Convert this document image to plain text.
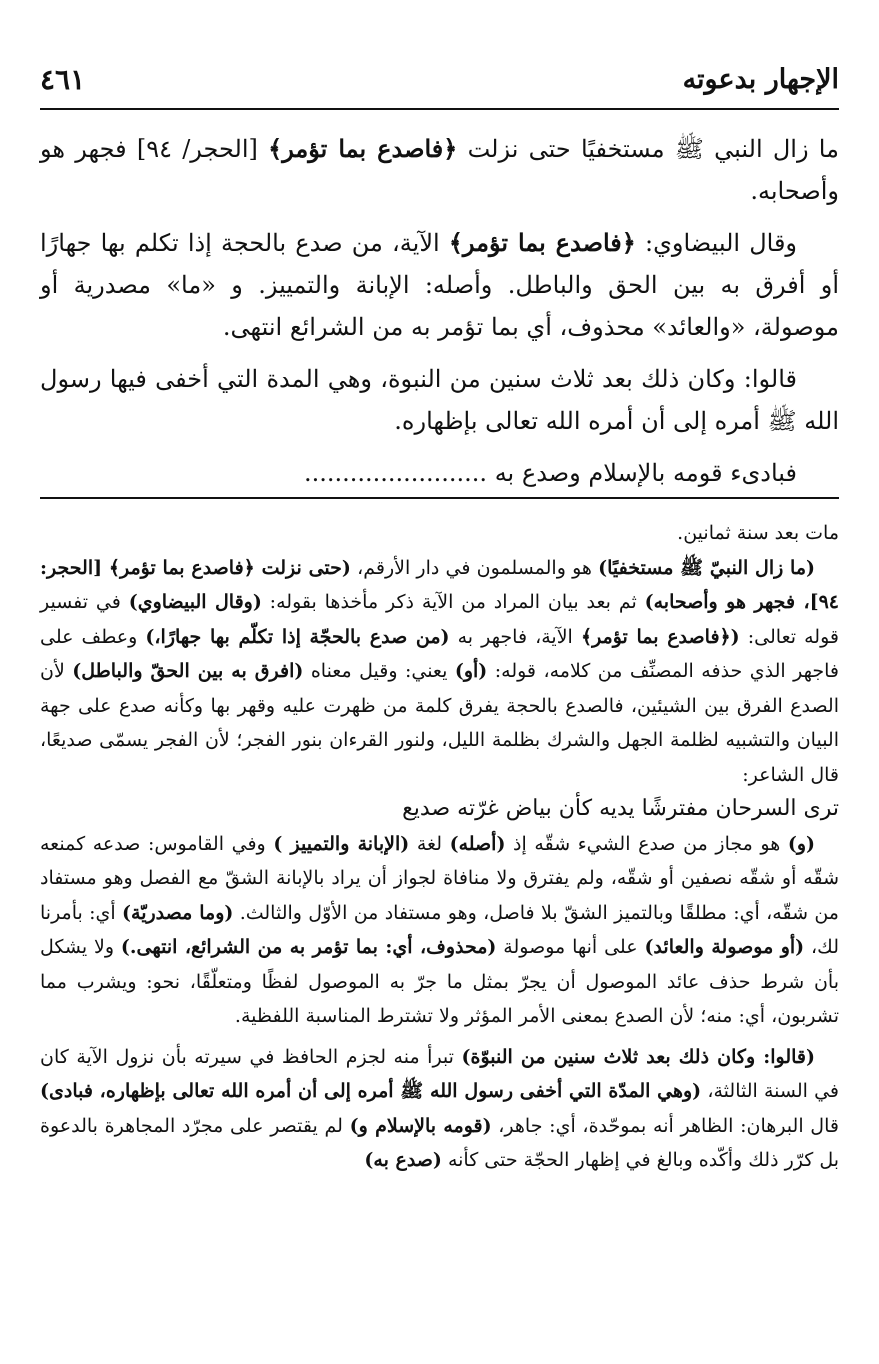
الإجهار بدعوته
٤٦١

ما زال النبي ﷺ مستخفيًا حتى نزلت ﴿فاصدع بما تؤمر﴾ [الحجر/ ٩٤] فجهر هو وأصحابه.

وقال البيضاوي: ﴿فاصدع بما تؤمر﴾ الآية، من صدع بالحجة إذا تكلم بها جهارًا أو أفرق به بين الحق والباطل. وأصله: الإبانة والتمييز. و «ما» مصدرية أو موصولة، «والعائد» محذوف، أي بما تؤمر به من الشرائع انتهى.

قالوا: وكان ذلك بعد ثلاث سنين من النبوة، وهي المدة التي أخفى فيها رسول الله ﷺ أمره إلى أن أمره الله تعالى بإظهاره.

فبادىء قومه بالإسلام وصدع به ........................

مات بعد سنة ثمانين.

(ما زال النبيّ ﷺ مستخفيًا) هو والمسلمون في دار الأرقم، (حتى نزلت ﴿فاصدع بما تؤمر﴾ [الحجر: ٩٤]، فجهر هو وأصحابه) ثم بعد بيان المراد من الآية ذكر مأخذها بقوله: (وقال البيضاوي) في تفسير قوله تعالى: (﴿فاصدع بما تؤمر﴾ الآية، فاجهر به (من صدع بالحجّة إذا تكلّم بها جهارًا،) وعطف على فاجهر الذي حذفه المصنِّف من كلامه، قوله: (أو) يعني: وقيل معناه (افرق به بين الحقّ والباطل) لأن الصدع الفرق بين الشيئين، فالصدع بالحجة يفرق كلمة من ظهرت عليه وقهر بها وكأنه صدع على جهة البيان والتشبيه لظلمة الجهل والشرك بظلمة الليل، ولنور القرءان بنور الفجر؛ لأن الفجر يسمّى صديعًا، قال الشاعر:

ترى السرحان مفترشًا يديه كأن بياض غرّته صديع

(و) هو مجاز من صدع الشيء شقّه إذ (أصله) لغة (الإبانة والتمييز ) وفي القاموس: صدعه كمنعه شقّه أو شقّه نصفين أو شقّه، ولم يفترق ولا منافاة لجواز أن يراد بالإبانة الشقّ مع الفصل وهو مستفاد من شقّه، أي: مطلقًا وبالتميز الشقّ بلا فاصل، وهو مستفاد من الأوّل والثالث. (وما مصدريّة) أي: بأمرنا لك، (أو موصولة والعائد) على أنها موصولة (محذوف، أي: بما تؤمر به من الشرائع، انتهى.) ولا يشكل بأن شرط حذف عائد الموصول أن يجرّ بمثل ما جرّ به الموصول لفظًا ومتعلّقًا، نحو: ويشرب مما تشربون، أي: منه؛ لأن الصدع بمعنى الأمر المؤثر ولا تشترط المناسبة اللفظية.

(قالوا: وكان ذلك بعد ثلاث سنين من النبوّة) تبرأ منه لجزم الحافظ في سيرته بأن نزول الآية كان في السنة الثالثة، (وهي المدّة التي أخفى رسول الله ﷺ أمره إلى أن أمره الله تعالى بإظهاره، فبادى) قال البرهان: الظاهر أنه بموحّدة، أي: جاهر، (قومه بالإسلام و) لم يقتصر على مجرّد المجاهرة بالدعوة بل كرّر ذلك وأكّده وبالغ في إظهار الحجّة حتى كأنه (صدع به)
